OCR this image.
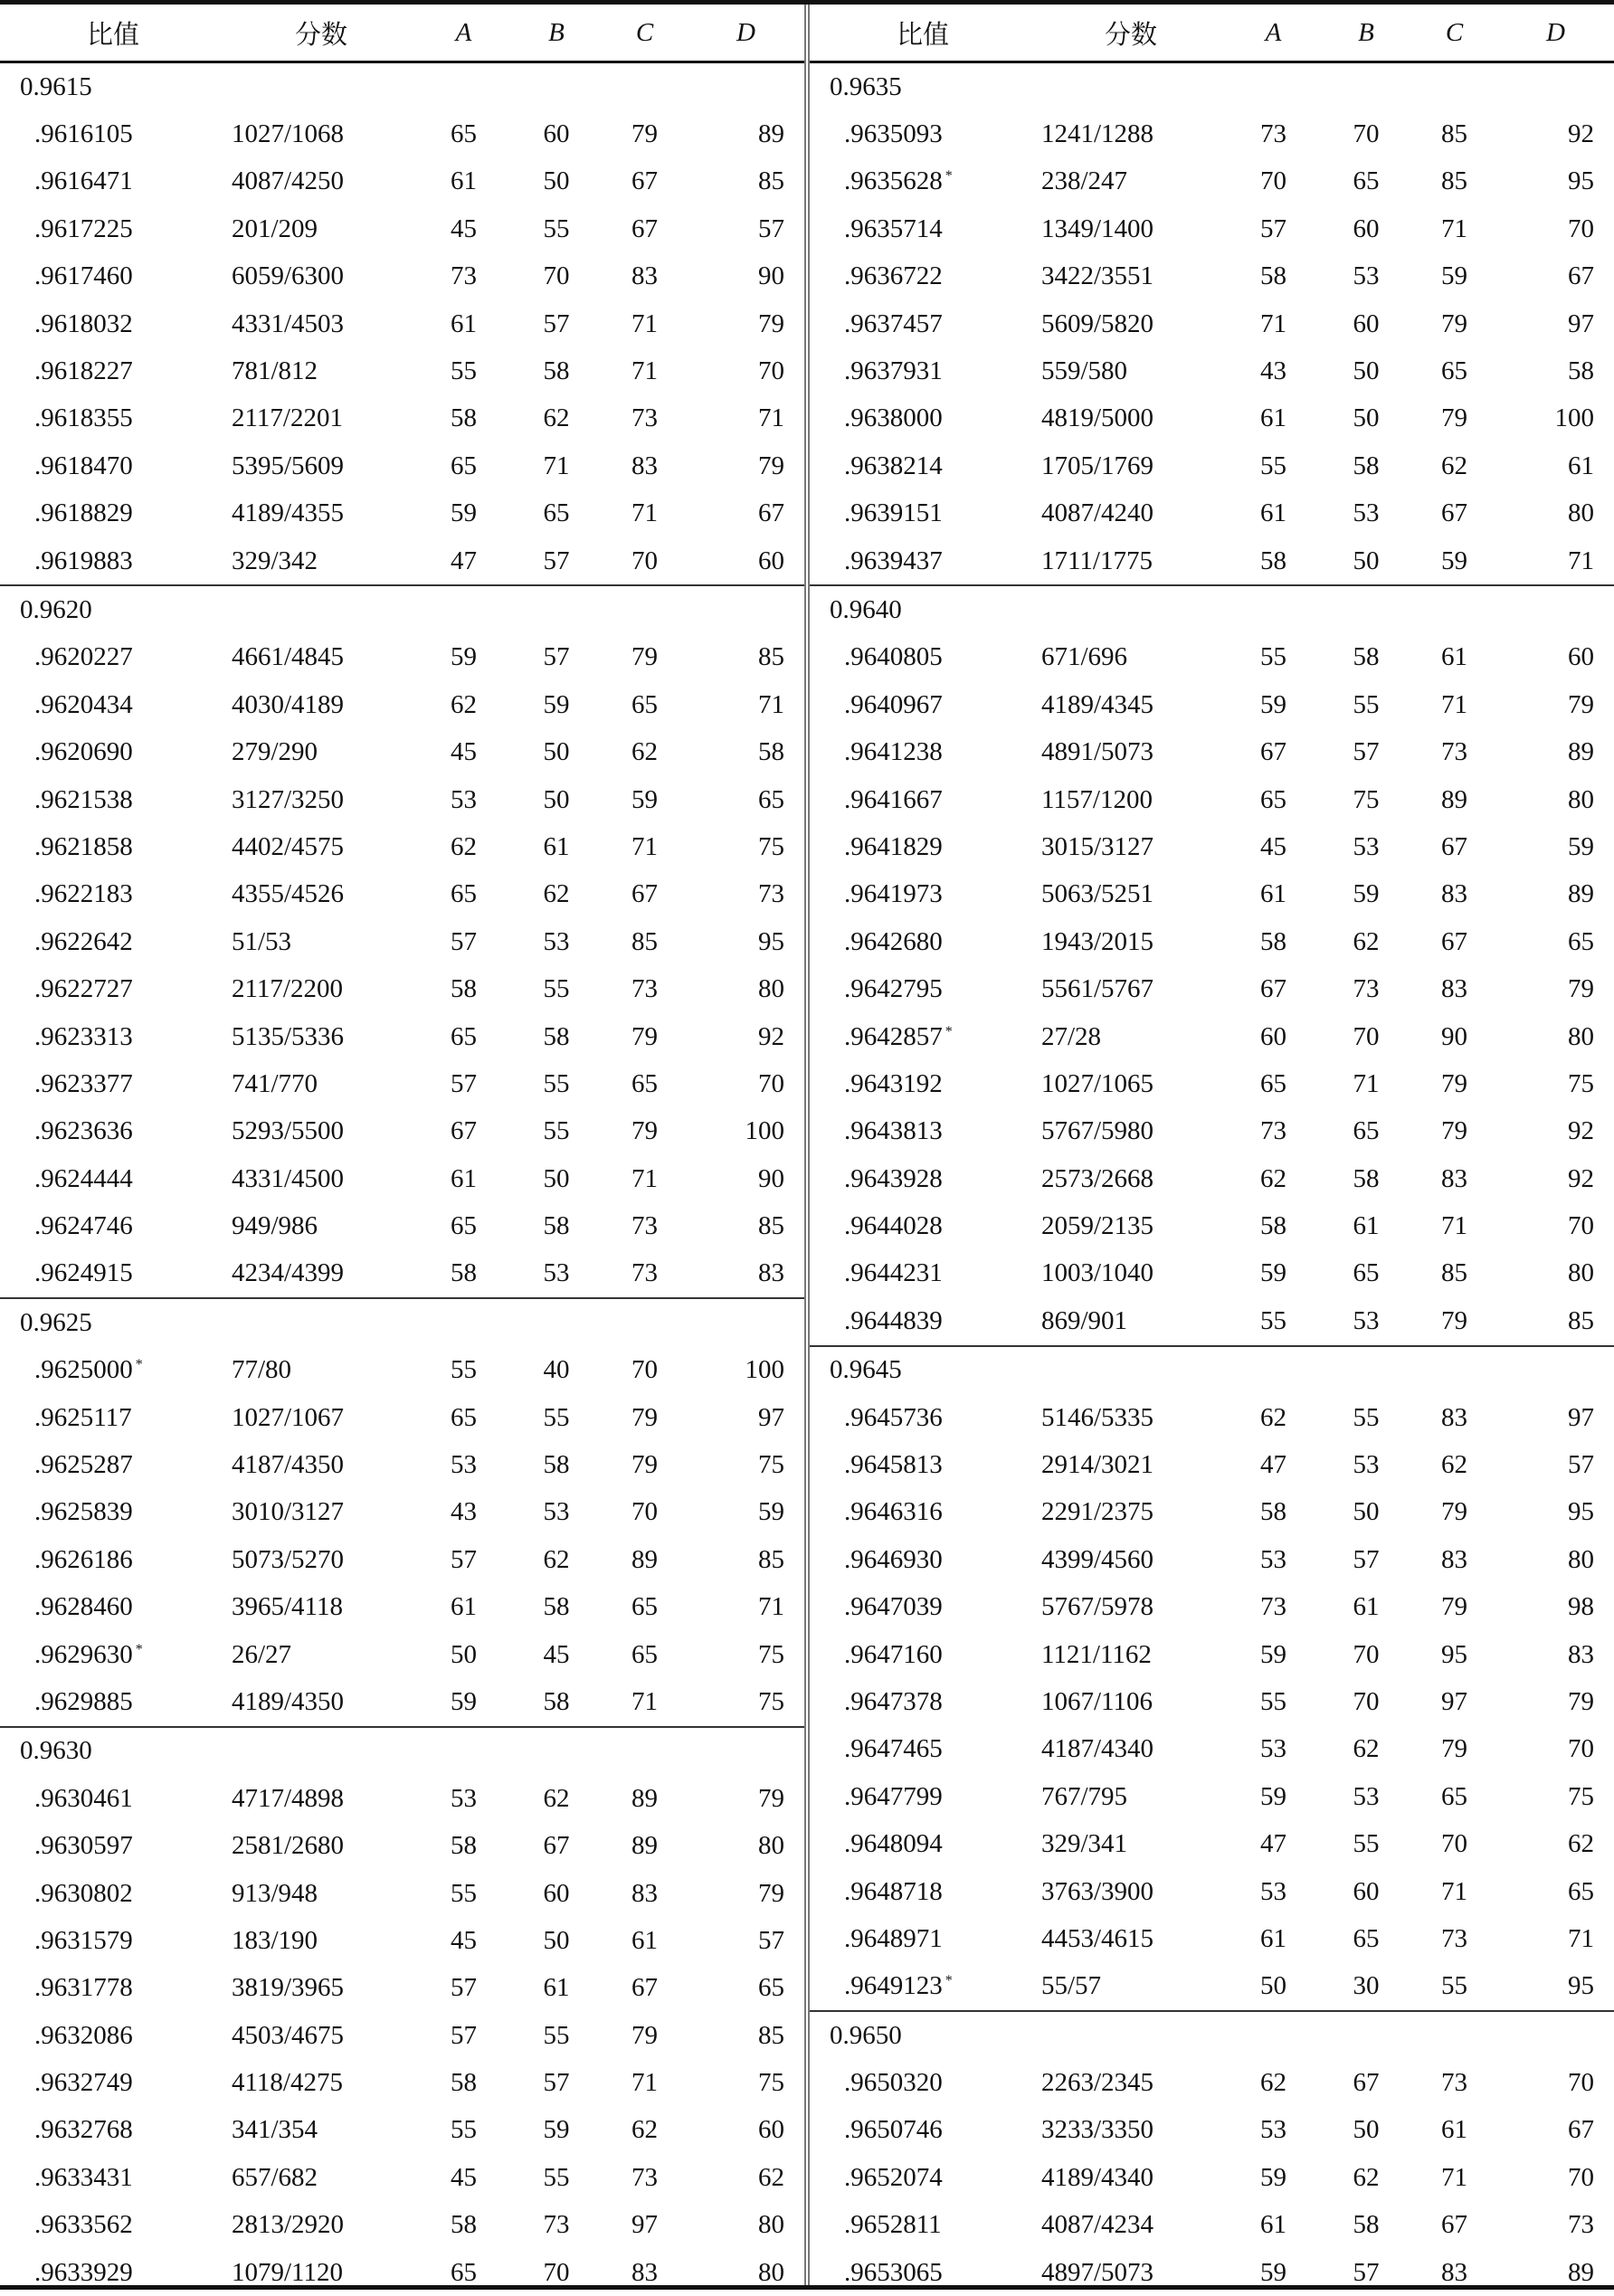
比值	分数	A	B	C	D
0.9615					
.9616105	1027/1068	65	60	79	89
.9616471	4087/4250	61	50	67	85
.9617225	201/209	45	55	67	57
.9617460	6059/6300	73	70	83	90
.9618032	4331/4503	61	57	71	79
.9618227	781/812	55	58	71	70
.9618355	2117/2201	58	62	73	71
.9618470	5395/5609	65	71	83	79
.9618829	4189/4355	59	65	71	67
.9619883	329/342	47	57	70	60
0.9620					
.9620227	4661/4845	59	57	79	85
.9620434	4030/4189	62	59	65	71
.9620690	279/290	45	50	62	58
.9621538	3127/3250	53	50	59	65
.9621858	4402/4575	62	61	71	75
.9622183	4355/4526	65	62	67	73
.9622642	51/53	57	53	85	95
.9622727	2117/2200	58	55	73	80
.9623313	5135/5336	65	58	79	92
.9623377	741/770	57	55	65	70
.9623636	5293/5500	67	55	79	100
.9624444	4331/4500	61	50	71	90
.9624746	949/986	65	58	73	85
.9624915	4234/4399	58	53	73	83
0.9625					
.9625000 *	77/80	55	40	70	100
.9625117	1027/1067	65	55	79	97
.9625287	4187/4350	53	58	79	75
.9625839	3010/3127	43	53	70	59
.9626186	5073/5270	57	62	89	85
.9628460	3965/4118	61	58	65	71
.9629630 *	26/27	50	45	65	75
.9629885	4189/4350	59	58	71	75
0.9630					
.9630461	4717/4898	53	62	89	79
.9630597	2581/2680	58	67	89	80
.9630802	913/948	55	60	83	79
.9631579	183/190	45	50	61	57
.9631778	3819/3965	57	61	67	65
.9632086	4503/4675	57	55	79	85
.9632749	4118/4275	58	57	71	75
.9632768	341/354	55	59	62	60
.9633431	657/682	45	55	73	62
.9633562	2813/2920	58	73	97	80
.9633929	1079/1120	65	70	83	80
比值	分数	A	B	C	D
0.9635					
.9635093	1241/1288	73	70	85	92
.9635628 *	238/247	70	65	85	95
.9635714	1349/1400	57	60	71	70
.9636722	3422/3551	58	53	59	67
.9637457	5609/5820	71	60	79	97
.9637931	559/580	43	50	65	58
.9638000	4819/5000	61	50	79	100
.9638214	1705/1769	55	58	62	61
.9639151	4087/4240	61	53	67	80
.9639437	1711/1775	58	50	59	71
0.9640					
.9640805	671/696	55	58	61	60
.9640967	4189/4345	59	55	71	79
.9641238	4891/5073	67	57	73	89
.9641667	1157/1200	65	75	89	80
.9641829	3015/3127	45	53	67	59
.9641973	5063/5251	61	59	83	89
.9642680	1943/2015	58	62	67	65
.9642795	5561/5767	67	73	83	79
.9642857 *	27/28	60	70	90	80
.9643192	1027/1065	65	71	79	75
.9643813	5767/5980	73	65	79	92
.9643928	2573/2668	62	58	83	92
.9644028	2059/2135	58	61	71	70
.9644231	1003/1040	59	65	85	80
.9644839	869/901	55	53	79	85
0.9645					
.9645736	5146/5335	62	55	83	97
.9645813	2914/3021	47	53	62	57
.9646316	2291/2375	58	50	79	95
.9646930	4399/4560	53	57	83	80
.9647039	5767/5978	73	61	79	98
.9647160	1121/1162	59	70	95	83
.9647378	1067/1106	55	70	97	79
.9647465	4187/4340	53	62	79	70
.9647799	767/795	59	53	65	75
.9648094	329/341	47	55	70	62
.9648718	3763/3900	53	60	71	65
.9648971	4453/4615	61	65	73	71
.9649123 *	55/57	50	30	55	95
0.9650					
.9650320	2263/2345	62	67	73	70
.9650746	3233/3350	53	50	61	67
.9652074	4189/4340	59	62	71	70
.9652811	4087/4234	61	58	67	73
.9653065	4897/5073	59	57	83	89
